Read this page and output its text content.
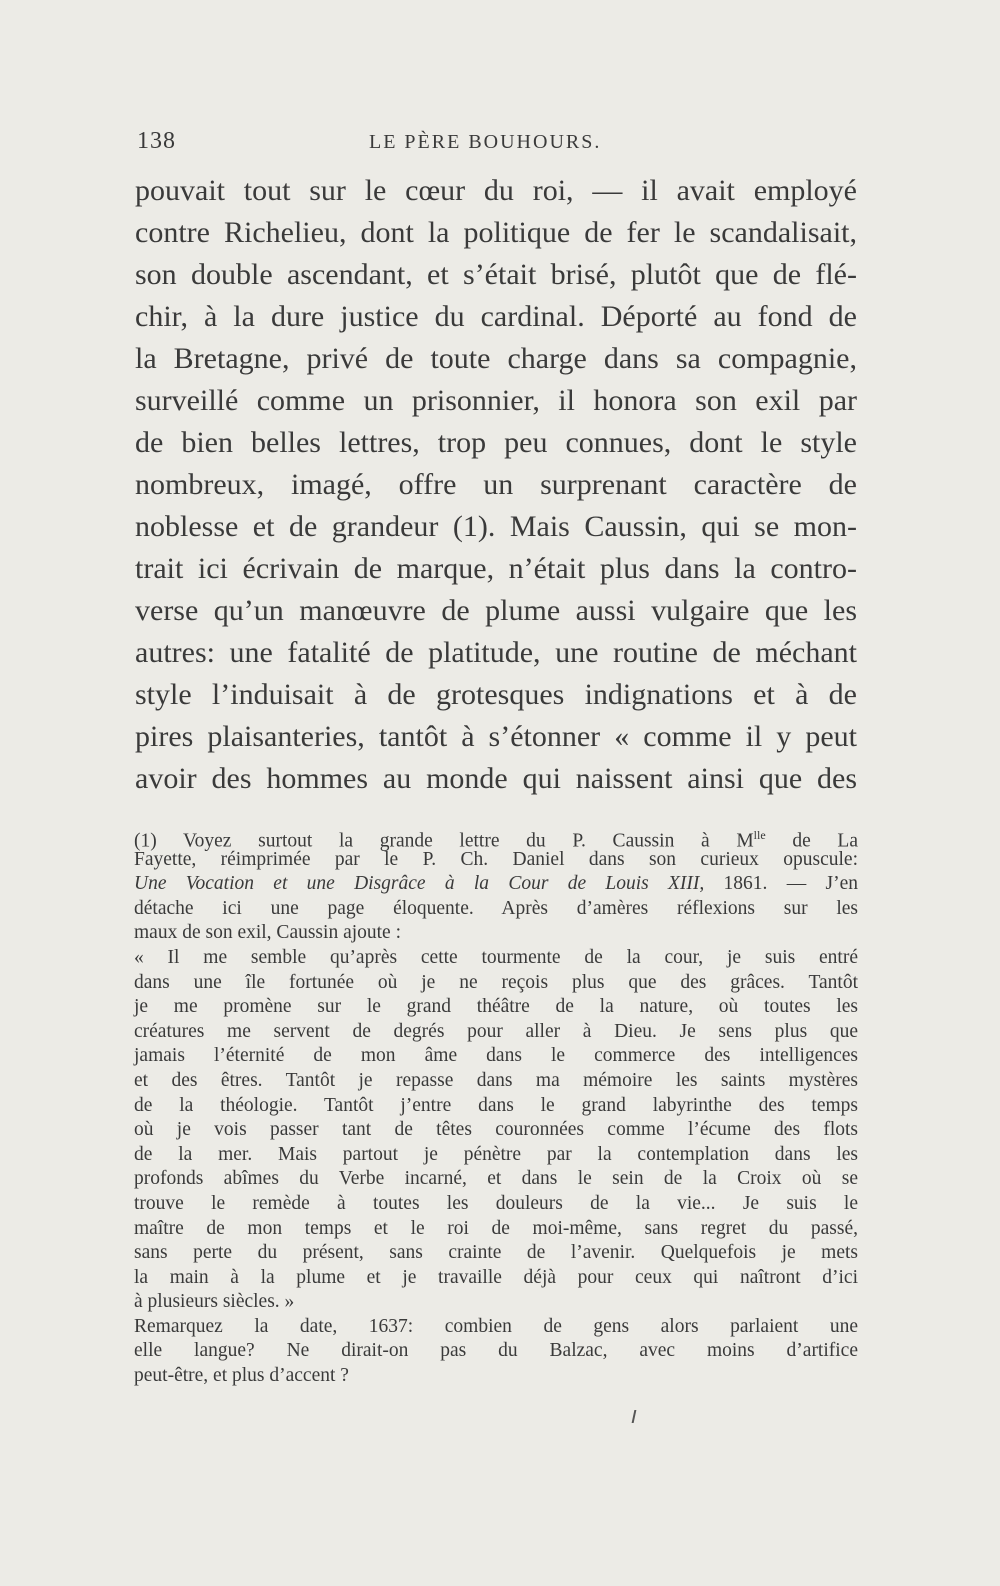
138	LE PÈRE BOUHOURS.
pouvait tout sur le cœur du roi, — il avait employé
contre Richelieu, dont la politique de fer le scandalisait,
son double ascendant, et s’était brisé, plutôt que de flé-
chir, à la dure justice du cardinal. Déporté au fond de
la Bretagne, privé de toute charge dans sa compagnie,
surveillé comme un prisonnier, il honora son exil par
de bien belles lettres, trop peu connues, dont le style
nombreux, imagé, offre un surprenant caractère de
noblesse et de grandeur (1). Mais Caussin, qui se mon-
trait ici écrivain de marque, n’était plus dans la contro-
verse qu’un manœuvre de plume aussi vulgaire que les
autres: une fatalité de platitude, une routine de méchant
style l’induisait à de grotesques indignations et à de
pires plaisanteries, tantôt à s’étonner « comme il y peut
avoir des hommes au monde qui naissent ainsi que des
(1) Voyez surtout la grande lettre du P. Caussin à $M^{lle}$ de La
Fayette, réimprimée par le P. Ch. Daniel dans son curieux opuscule:
Une Vocation et une Disgrâce à la Cour de Louis XIII, 1861. — J’en
détache ici une page éloquente. Après d’amères réflexions sur les
maux de son exil, Caussin ajoute :
« Il me semble qu’après cette tourmente de la cour, je suis entré
dans une île fortunée où je ne reçois plus que des grâces. Tantôt
je me promène sur le grand théâtre de la nature, où toutes les
créatures me servent de degrés pour aller à Dieu. Je sens plus que
jamais l’éternité de mon âme dans le commerce des intelligences
et des êtres. Tantôt je repasse dans ma mémoire les saints mystères
de la théologie. Tantôt j’entre dans le grand labyrinthe des temps
où je vois passer tant de têtes couronnées comme l’écume des flots
de la mer. Mais partout je pénètre par la contemplation dans les
profonds abîmes du Verbe incarné, et dans le sein de la Croix où se
trouve le remède à toutes les douleurs de la vie... Je suis le
maître de mon temps et le roi de moi-même, sans regret du passé,
sans perte du présent, sans crainte de l’avenir. Quelquefois je mets
la main à la plume et je travaille déjà pour ceux qui naîtront d’ici
à plusieurs siècles. »
Remarquez la date, 1637: combien de gens alors parlaient une
elle langue? Ne dirait-on pas du Balzac, avec moins d’artifice
peut-être, et plus d’accent ?
